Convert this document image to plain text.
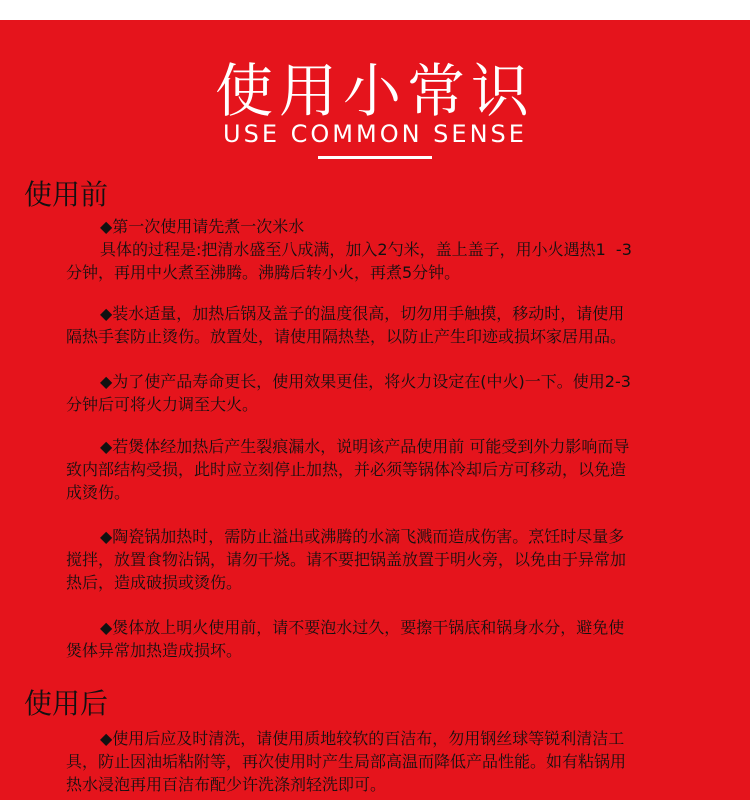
使用小常识
USE COMMON SENSE
使用前
◆第一次使用请先煮一次米水
具体的过程是:把清水盛至八成满，加入2勺米，盖上盖子，用小火遇热1  -3
分钟，再用中火煮至沸腾。沸腾后转小火，再煮5分钟。
◆装水适量，加热后锅及盖子的温度很高，切勿用手触摸，移动时，请使用
隔热手套防止烫伤。放置处，请使用隔热垫，以防止产生印迹或损坏家居用品。
◆为了使产品寿命更长，使用效果更佳，将火力设定在(中火)一下。使用2-3
分钟后可将火力调至大火。
◆若煲体经加热后产生裂痕漏水，说明该产品使用前 可能受到外力影响而导
致内部结构受损，此时应立刻停止加热，并必须等锅体冷却后方可移动，以免造
成烫伤。
◆陶瓷锅加热时，需防止溢出或沸腾的水滴飞溅而造成伤害。烹饪时尽量多
搅拌，放置食物沾锅，请勿干烧。请不要把锅盖放置于明火旁，以免由于异常加
热后，造成破损或烫伤。
◆煲体放上明火使用前，请不要泡水过久，要擦干锅底和锅身水分，避免使
煲体异常加热造成损坏。
使用后
◆使用后应及时清洗，请使用质地较软的百洁布，勿用钢丝球等锐利清洁工
具，防止因油垢粘附等，再次使用时产生局部高温而降低产品性能。如有粘锅用
热水浸泡再用百洁布配少许洗涤剂轻洗即可。
